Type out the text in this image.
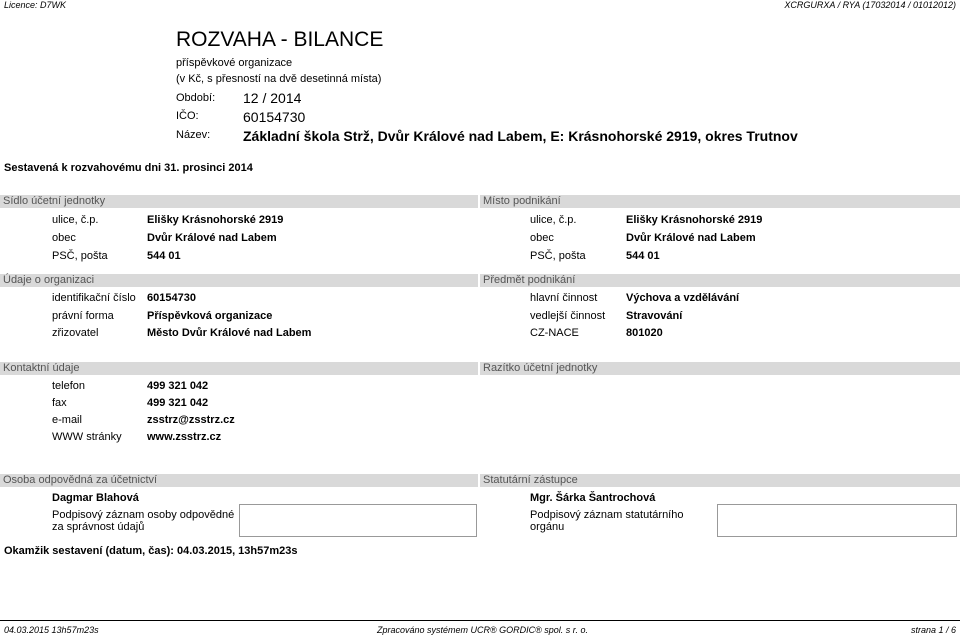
Licence: D7WK	XCRGURXA / RYA (17032014 / 01012012)
ROZVAHA - BILANCE
příspěvkové organizace
(v Kč, s přesností na dvě desetinná místa)
Období: 12 / 2014
IČO:	60154730
Název: Základní škola Strž, Dvůr Králové nad Labem, E: Krásnohorské 2919, okres Trutnov
Sestavená k rozvahovému dni 31. prosinci 2014
Sídlo účetní jednotky	Místo podnikání
ulice, č.p.	Elišky Krásnohorské 2919
obec	Dvůr Králové nad Labem
PSČ, pošta	544 01
ulice, č.p.	Elišky Krásnohorské 2919
obec	Dvůr Králové nad Labem
PSČ, pošta	544 01
Údaje o organizaci	Předmět podnikání
identifikační číslo 60154730
právní forma	Příspěvková organizace
zřizovatel	Město Dvůr Králové nad Labem
hlavní činnost	Výchova a vzdělávání
vedlejší činnost Stravování
CZ-NACE	801020
Kontaktní údaje	Razítko účetní jednotky
telefon	499 321 042
fax	499 321 042
e-mail	zsstrz@zsstrz.cz
WWW stránky www.zsstrz.cz
Osoba odpovědná za účetnictví	Statutární zástupce
Dagmar Blahová
Podpisový záznam osoby odpovědné
za správnost údajů
Mgr. Šárka Šantrochová
Podpisový záznam statutárního
orgánu
Okamžik sestavení (datum, čas): 04.03.2015, 13h57m23s
04.03.2015 13h57m23s	Zpracováno systémem UCR® GORDIC® spol. s r. o.	strana 1 / 6
